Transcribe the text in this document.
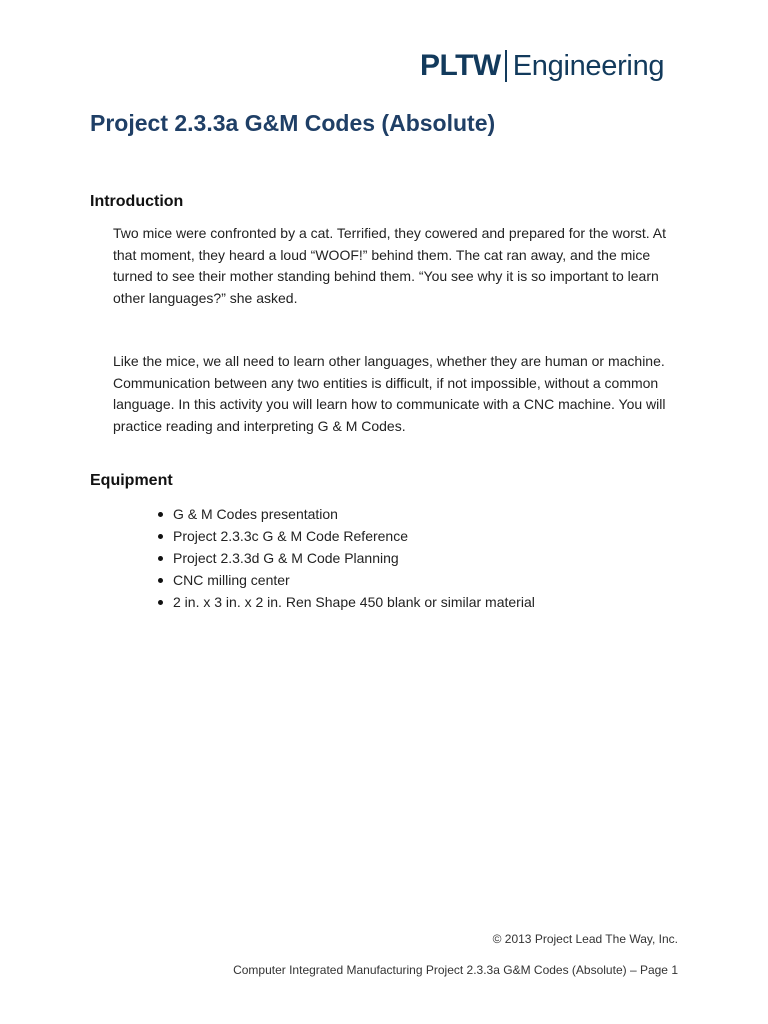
PLTW Engineering
Project 2.3.3a G&M Codes (Absolute)
Introduction

Two mice were confronted by a cat. Terrified, they cowered and prepared for the worst. At that moment, they heard a loud “WOOF!” behind them. The cat ran away, and the mice turned to see their mother standing behind them. “You see why it is so important to learn other languages?” she asked.

Like the mice, we all need to learn other languages, whether they are human or machine. Communication between any two entities is difficult, if not impossible, without a common language. In this activity you will learn how to communicate with a CNC machine. You will practice reading and interpreting G & M Codes.

Equipment
G & M Codes presentation
Project 2.3.3c G & M Code Reference
Project 2.3.3d G & M Code Planning
CNC milling center
2 in. x 3 in. x 2 in. Ren Shape 450 blank or similar material

© 2013 Project Lead The Way, Inc.

Computer Integrated Manufacturing Project 2.3.3a G&M Codes (Absolute) – Page 1
